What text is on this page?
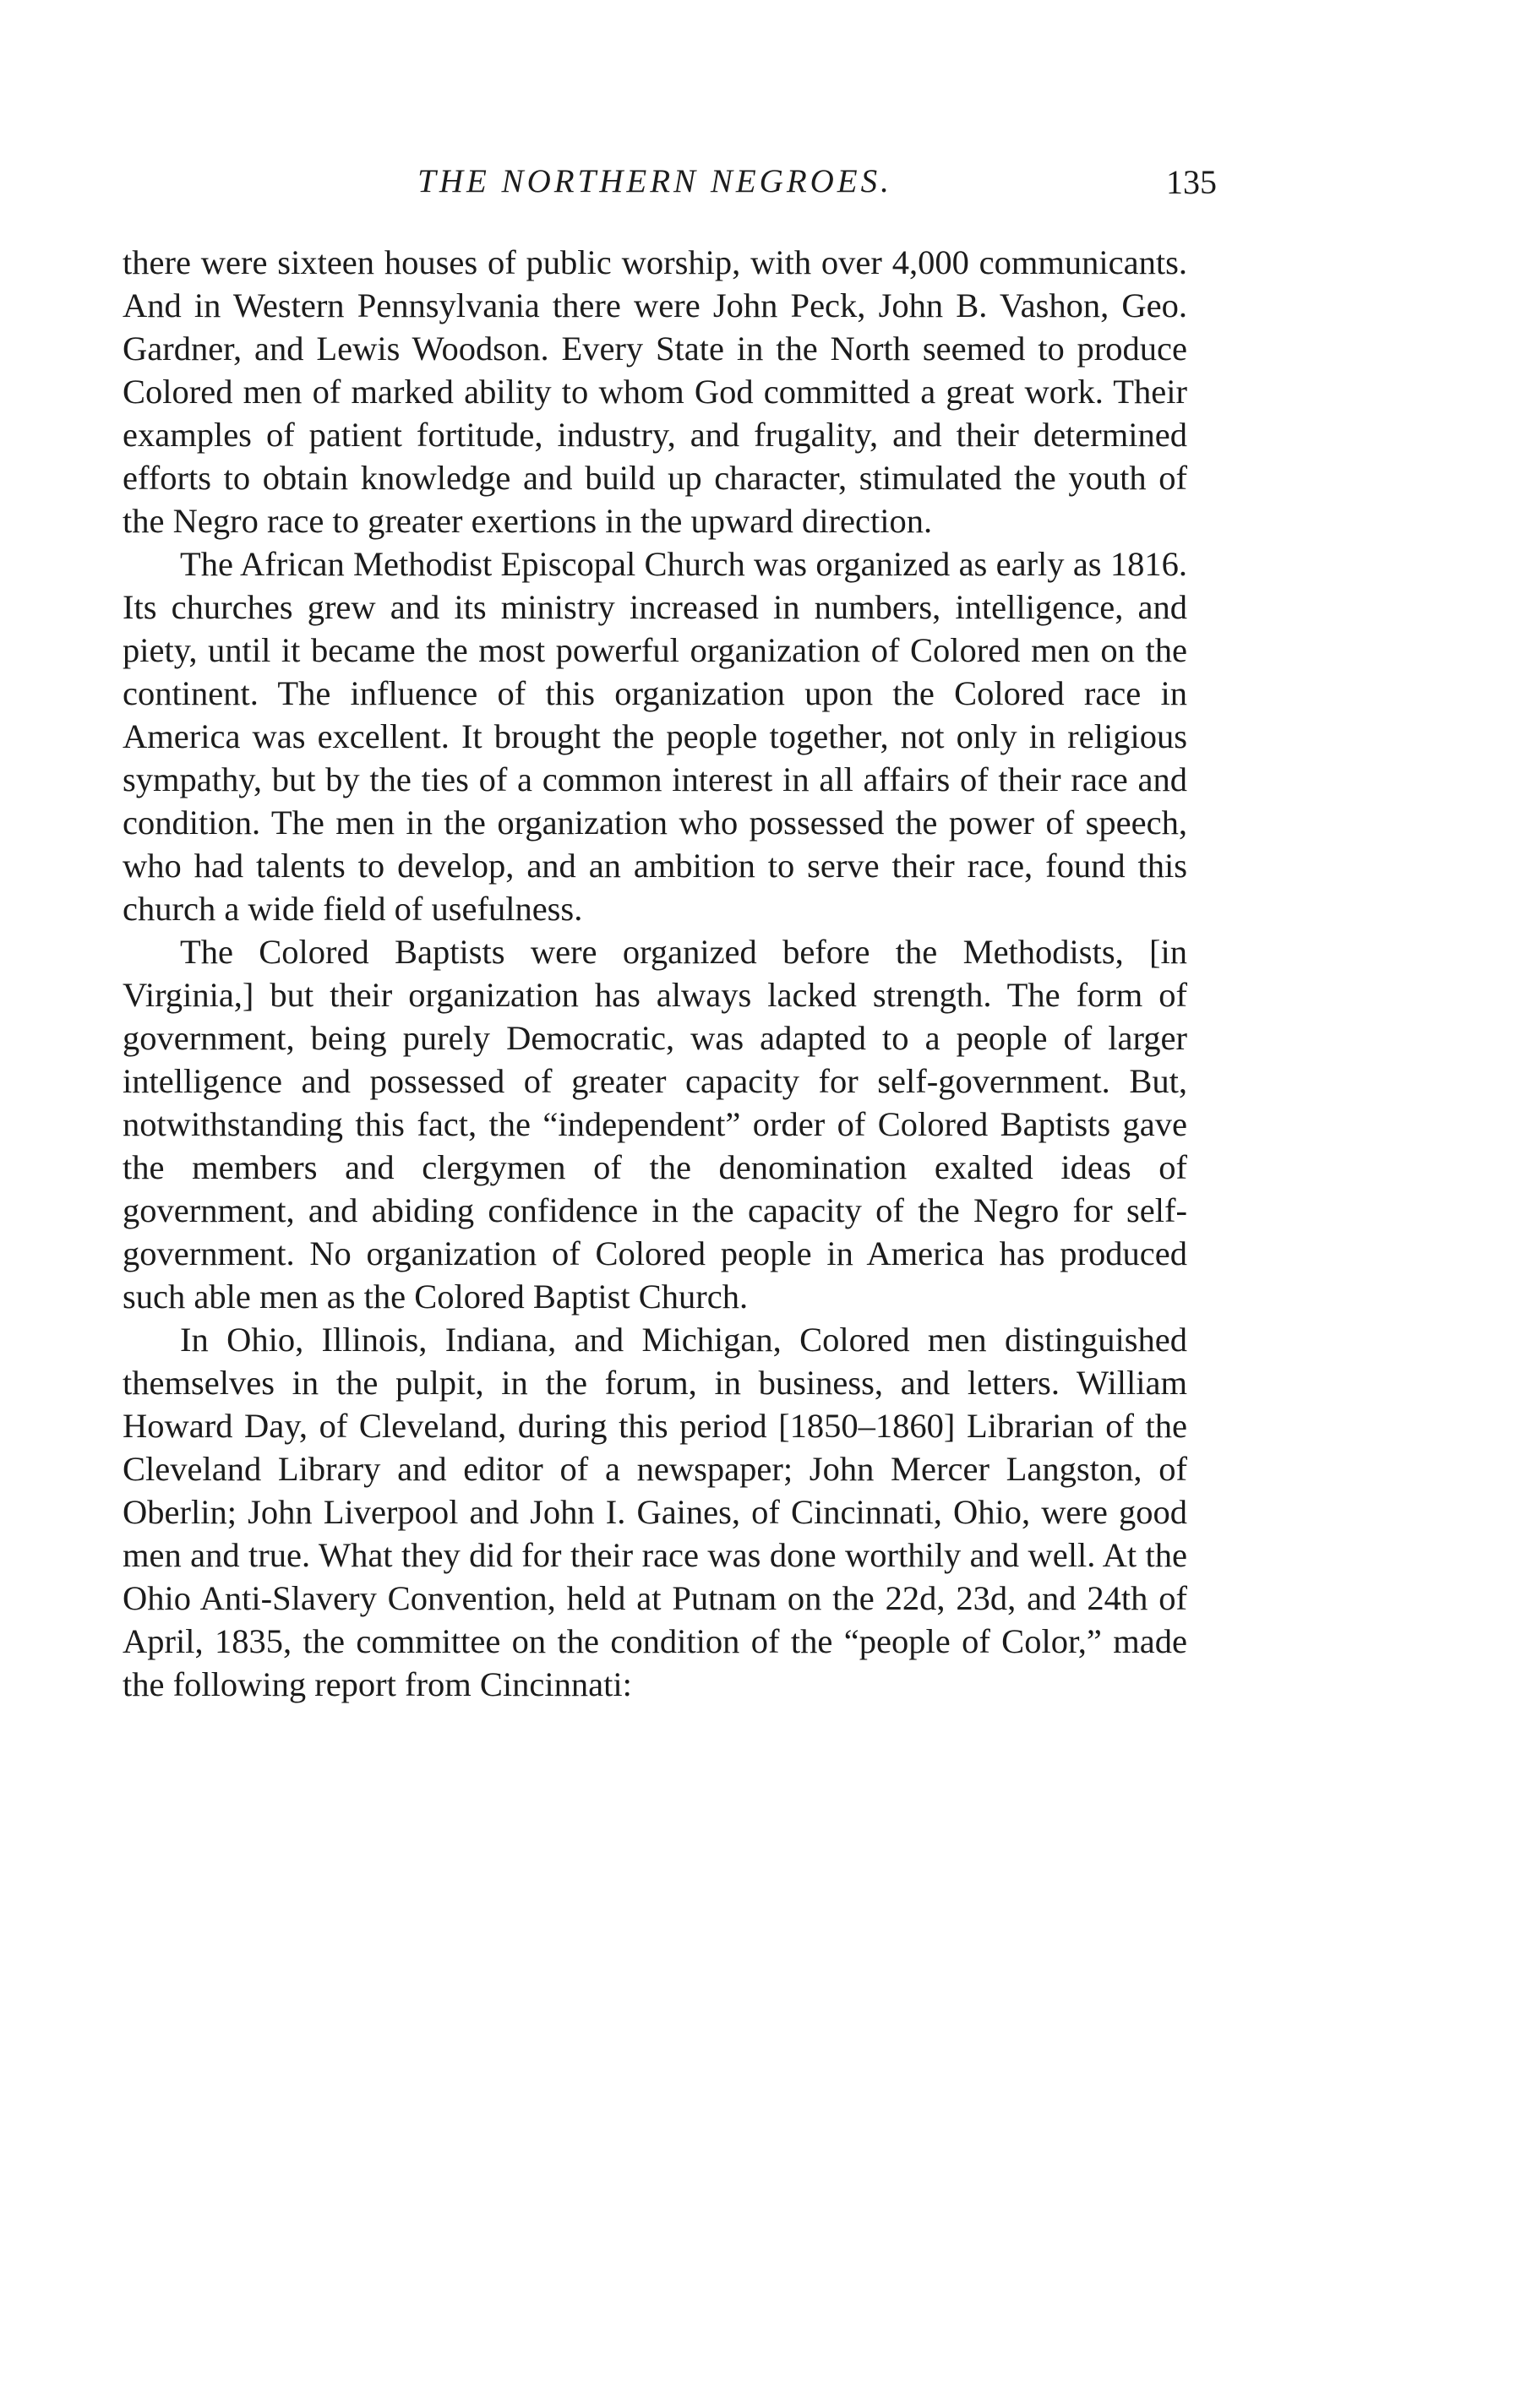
THE NORTHERN NEGROES.	135

there were sixteen houses of public worship, with over 4,000 communicants. And in Western Pennsylvania there were John Peck, John B. Vashon, Geo. Gardner, and Lewis Woodson. Every State in the North seemed to produce Colored men of marked ability to whom God committed a great work. Their examples of patient fortitude, industry, and frugality, and their determined efforts to obtain knowledge and build up character, stimulated the youth of the Negro race to greater exertions in the upward direction.

The African Methodist Episcopal Church was organized as early as 1816. Its churches grew and its ministry increased in numbers, intelligence, and piety, until it became the most powerful organization of Colored men on the continent. The influence of this organization upon the Colored race in America was excellent. It brought the people together, not only in religious sympathy, but by the ties of a common interest in all affairs of their race and condition. The men in the organization who possessed the power of speech, who had talents to develop, and an ambition to serve their race, found this church a wide field of usefulness.

The Colored Baptists were organized before the Methodists, [in Virginia,] but their organization has always lacked strength. The form of government, being purely Democratic, was adapted to a people of larger intelligence and possessed of greater capacity for self-government. But, notwithstanding this fact, the “independent” order of Colored Baptists gave the members and clergymen of the denomination exalted ideas of government, and abiding confidence in the capacity of the Negro for self-government. No organization of Colored people in America has produced such able men as the Colored Baptist Church.

In Ohio, Illinois, Indiana, and Michigan, Colored men distinguished themselves in the pulpit, in the forum, in business, and letters. William Howard Day, of Cleveland, during this period [1850–1860] Librarian of the Cleveland Library and editor of a newspaper; John Mercer Langston, of Oberlin; John Liverpool and John I. Gaines, of Cincinnati, Ohio, were good men and true. What they did for their race was done worthily and well. At the Ohio Anti-Slavery Convention, held at Putnam on the 22d, 23d, and 24th of April, 1835, the committee on the condition of the “people of Color,” made the following report from Cincinnati:
